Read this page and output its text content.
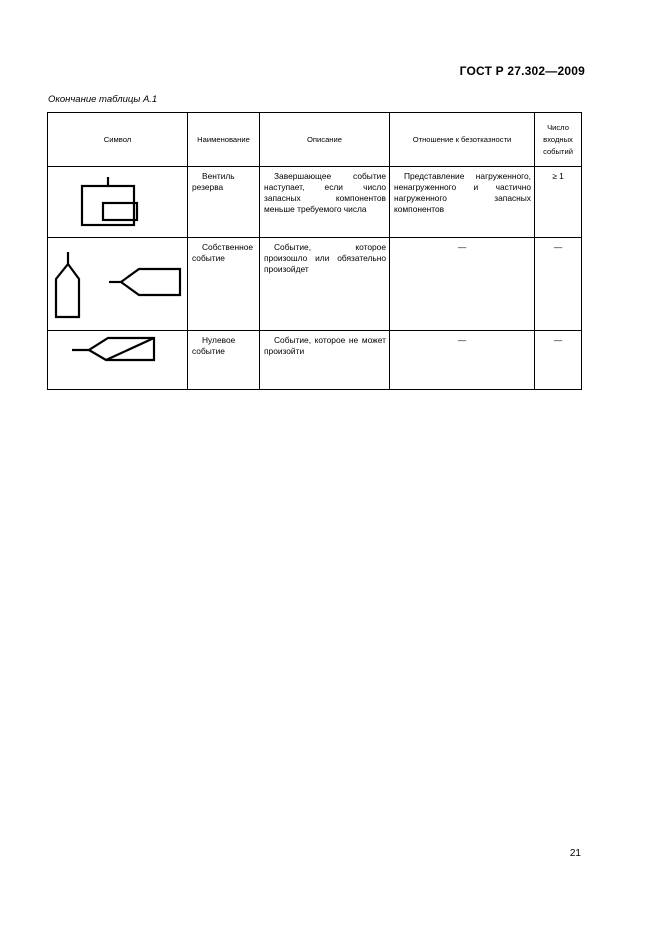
ГОСТ Р 27.302—2009
Окончание таблицы А.1
Символ	Наименование	Описание	Отношение к безотказности	Число входных событий

Вентиль резерва	Завершающее событие наступает, если число запасных компонентов меньше требуемого числа	Представление нагруженного, ненагруженного и частично нагруженного запасных компонентов	≥ 1

Собственное событие	Событие, которое произошло или обязательно произойдет	—	—

Нулевое событие	Событие, которое не может произойти	—	—
21
